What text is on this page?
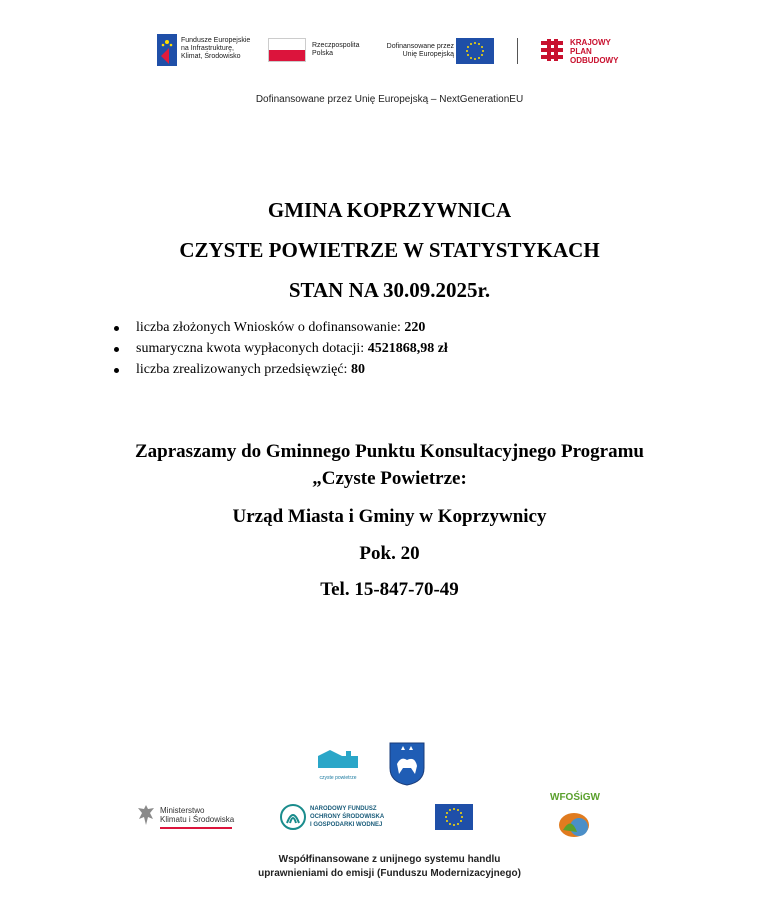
Fundusze Europejskie
na Infrastrukturę,
Klimat, Środowisko
Rzeczpospolita
Polska
Dofinansowane przez
Unię Europejską
KRAJOWY
PLAN
ODBUDOWY
Dofinansowane przez Unię Europejską – NextGenerationEU
GMINA KOPRZYWNICA
CZYSTE POWIETRZE W STATYSTYKACH
STAN NA 30.09.2025r.
liczba złożonych Wniosków o dofinansowanie: 220
sumaryczna kwota wypłaconych dotacji: 4521868,98 zł
liczba zrealizowanych przedsięwzięć: 80
Zapraszamy do Gminnego Punktu Konsultacyjnego Programu
„Czyste Powietrze:
Urząd Miasta i Gminy w Koprzywnicy
Pok. 20
Tel. 15-847-70-49
czyste powietrze
Ministerstwo
Klimatu i Środowiska
NARODOWY FUNDUSZ
OCHRONY ŚRODOWISKA
I GOSPODARKI WODNEJ
WFOŚiGW
Współfinansowane z unijnego systemu handlu
uprawnieniami do emisji (Funduszu Modernizacyjnego)
